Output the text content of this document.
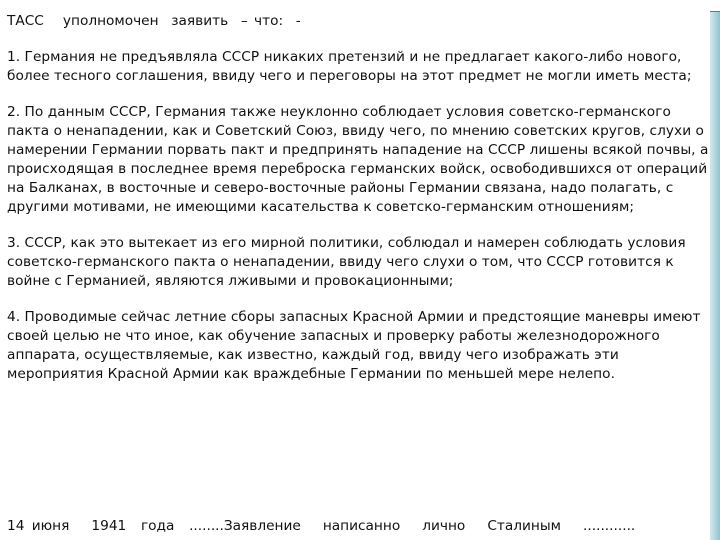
ТАСС   уполномочен  заявить  – что:  -

1. Германия не предъявляла СССР никаких претензий и не предлагает какого-либо нового, более тесного соглашения, ввиду чего и переговоры на этот предмет не могли иметь места;

2. По данным СССР, Германия также неуклонно соблюдает условия советско-германского пакта о ненападении, как и Советский Союз, ввиду чего, по мнению советских кругов, слухи о намерении Германии порвать пакт и предпринять нападение на СССР лишены всякой почвы, а происходящая в последнее время переброска германских войск, освободившихся от операций на Балканах, в восточные и северо-восточные районы Германии связана, надо полагать, с другими мотивами, не имеющими касательства к советско-германским отношениям;

3. СССР, как это вытекает из его мирной политики, соблюдал и намерен соблюдать условия советско-германского пакта о ненападении, ввиду чего слухи о том, что СССР готовится к войне с Германией, являются лживыми и провокационными;

4. Проводимые сейчас летние сборы запасных Красной Армии и предстоящие маневры имеют своей целью не что иное, как обучение запасных и проверку работы железнодорожного аппарата, осуществляемые, как известно, каждый год, ввиду чего изображать эти мероприятия Красной Армии как враждебные Германии по меньшей мере нелепо.

14 июня   1941  года  ........Заявление   написанно   лично   Сталиным   ............
